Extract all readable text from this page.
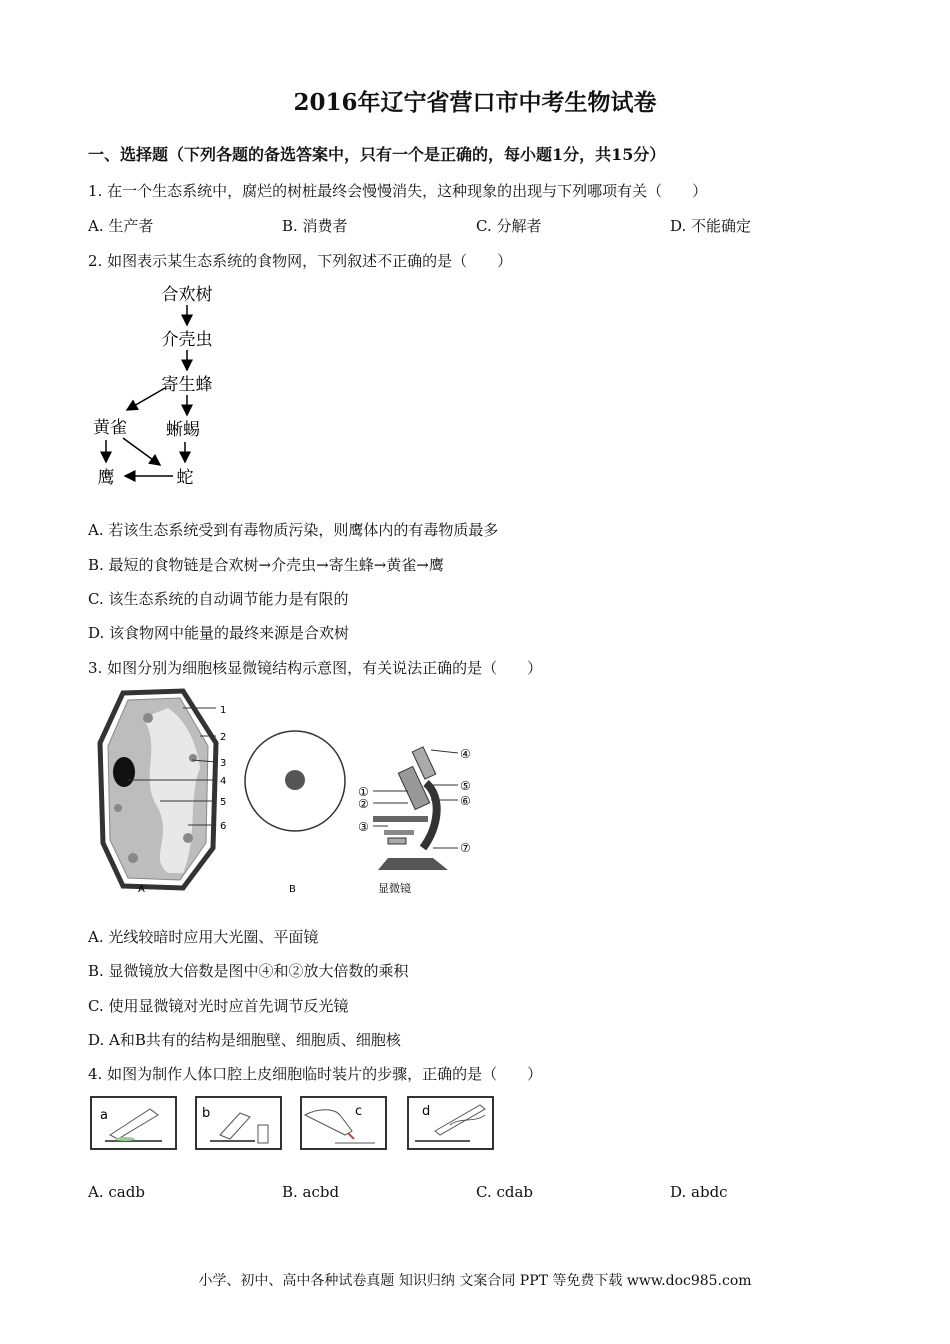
2016年辽宁省营口市中考生物试卷
一、选择题（下列各题的备选答案中，只有一个是正确的，每小题1分，共15分）
1. 在一个生态系统中，腐烂的树桩最终会慢慢消失，这种现象的出现与下列哪项有关（　　）
A. 生产者	B. 消费者	C. 分解者	D. 不能确定
2. 如图表示某生态系统的食物网，下列叙述不正确的是（　　）
合欢树
介壳虫
寄生蜂
黄雀 蜥蜴
鹰	蛇
A. 若该生态系统受到有毒物质污染，则鹰体内的有毒物质最多
B. 最短的食物链是合欢树→介壳虫→寄生蜂→黄雀→鹰
C. 该生态系统的自动调节能力是有限的
D. 该食物网中能量的最终来源是合欢树
3. 如图分别为细胞核显微镜结构示意图，有关说法正确的是（　　）
1
2
3
4
5
6
A	B
④
⑤
⑥
①
②
③
⑦
显微镜
A. 光线较暗时应用大光圈、平面镜
B. 显微镜放大倍数是图中④和②放大倍数的乘积
C. 使用显微镜对光时应首先调节反光镜
D. A和B共有的结构是细胞壁、细胞质、细胞核
4. 如图为制作人体口腔上皮细胞临时装片的步骤，正确的是（　　）
a	b	c	d
A. cadb	B. acbd	C. cdab	D. abdc
小学、初中、高中各种试卷真题 知识归纳 文案合同 PPT 等免费下载 www.doc985.com
